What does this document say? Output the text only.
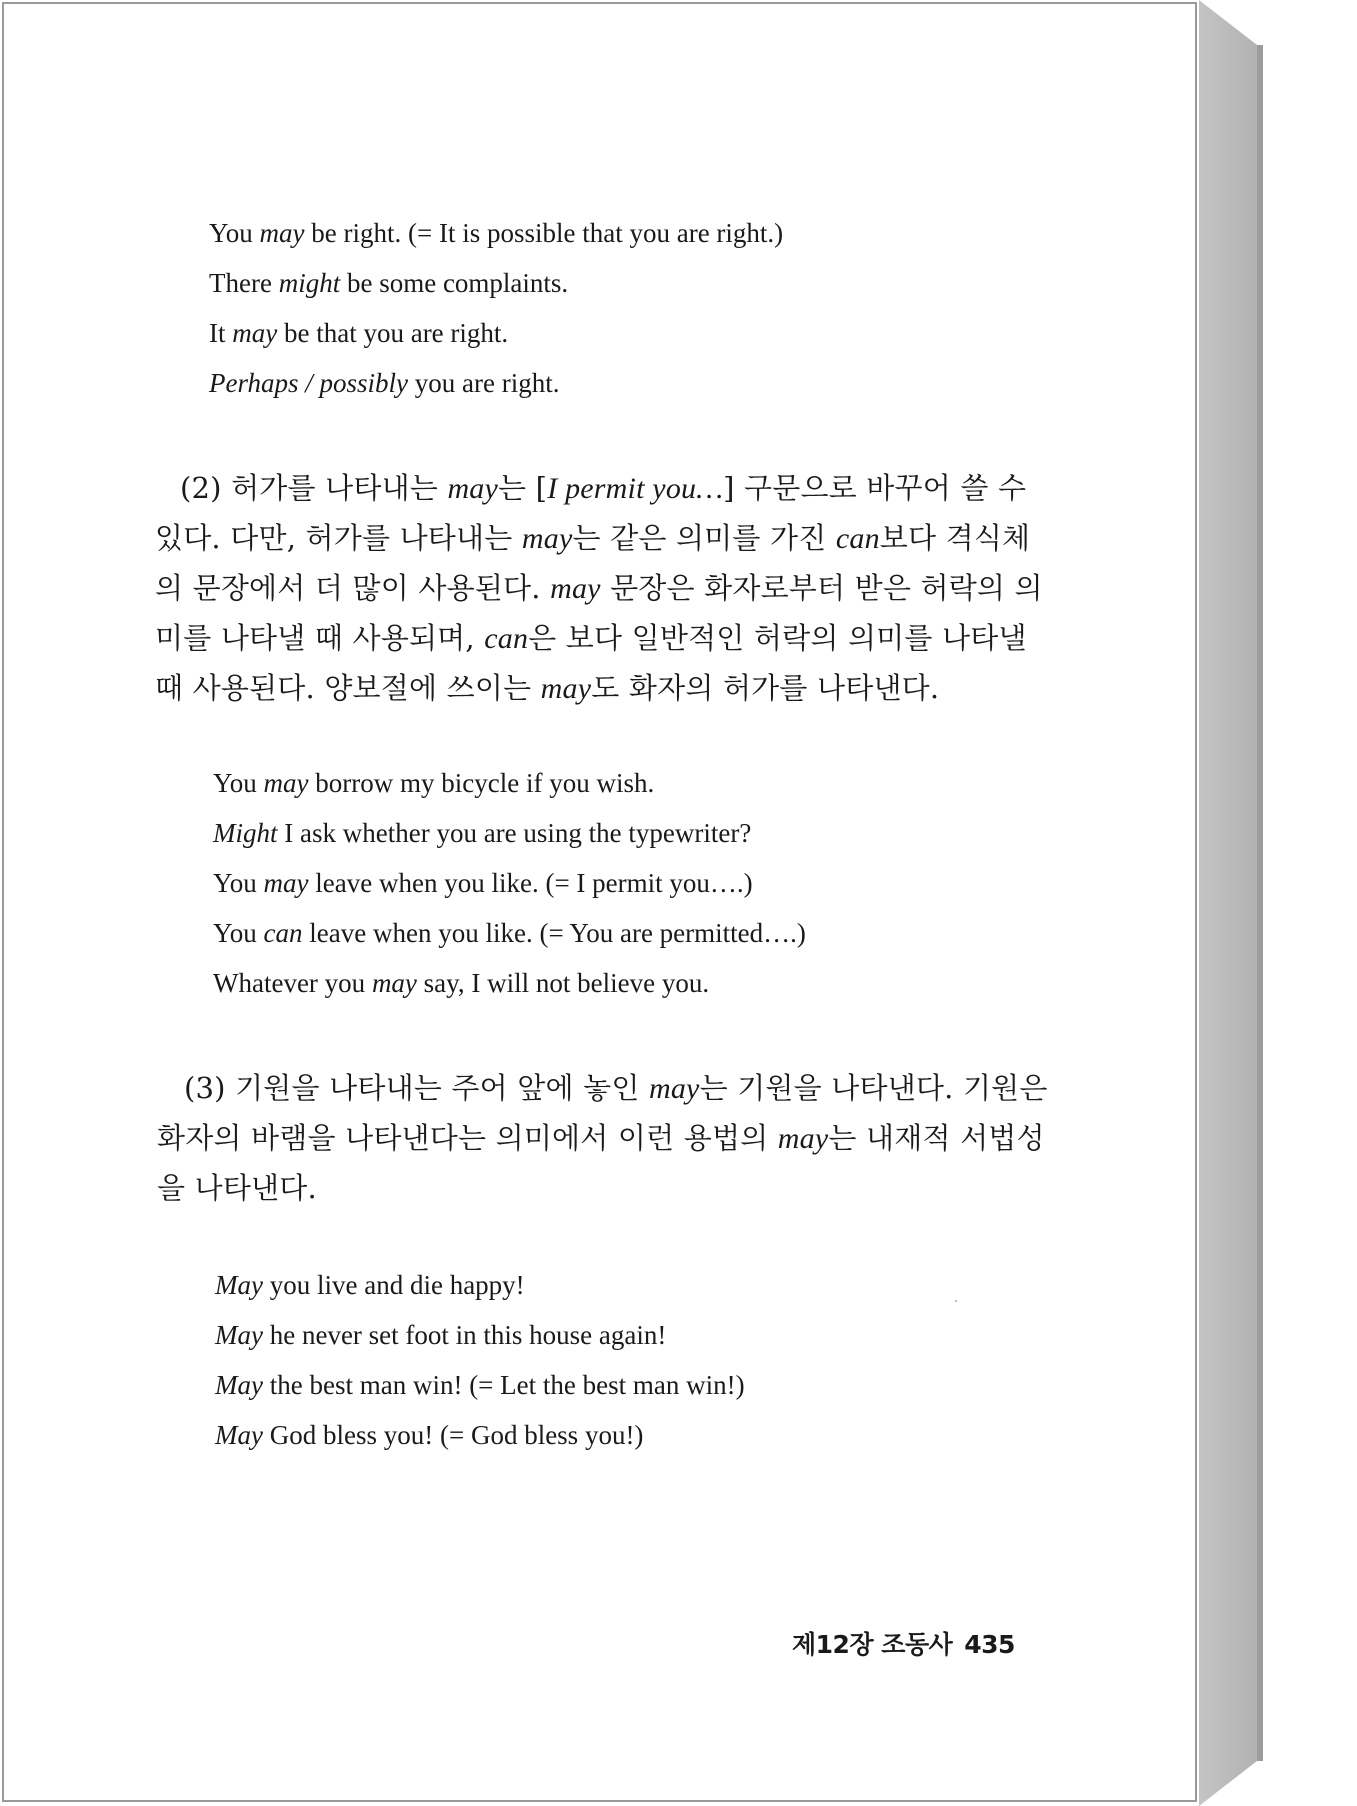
You may be right. (= It is possible that you are right.)
There might be some complaints.
It may be that you are right.
Perhaps / possibly you are right.
(2) 허가를 나타내는 may는 [I permit you…] 구문으로 바꾸어 쓸 수
있다. 다만, 허가를 나타내는 may는 같은 의미를 가진 can보다 격식체
의 문장에서 더 많이 사용된다. may 문장은 화자로부터 받은 허락의 의
미를 나타낼 때 사용되며, can은 보다 일반적인 허락의 의미를 나타낼
때 사용된다. 양보절에 쓰이는 may도 화자의 허가를 나타낸다.
You may borrow my bicycle if you wish.
Might I ask whether you are using the typewriter?
You may leave when you like. (= I permit you….)
You can leave when you like. (= You are permitted….)
Whatever you may say, I will not believe you.
(3) 기원을 나타내는 주어 앞에 놓인 may는 기원을 나타낸다. 기원은
화자의 바램을 나타낸다는 의미에서 이런 용법의 may는 내재적 서법성
을 나타낸다.
May you live and die happy!
May he never set foot in this house again!
May the best man win! (= Let the best man win!)
May God bless you! (= God bless you!)
제12장 조동사 435
